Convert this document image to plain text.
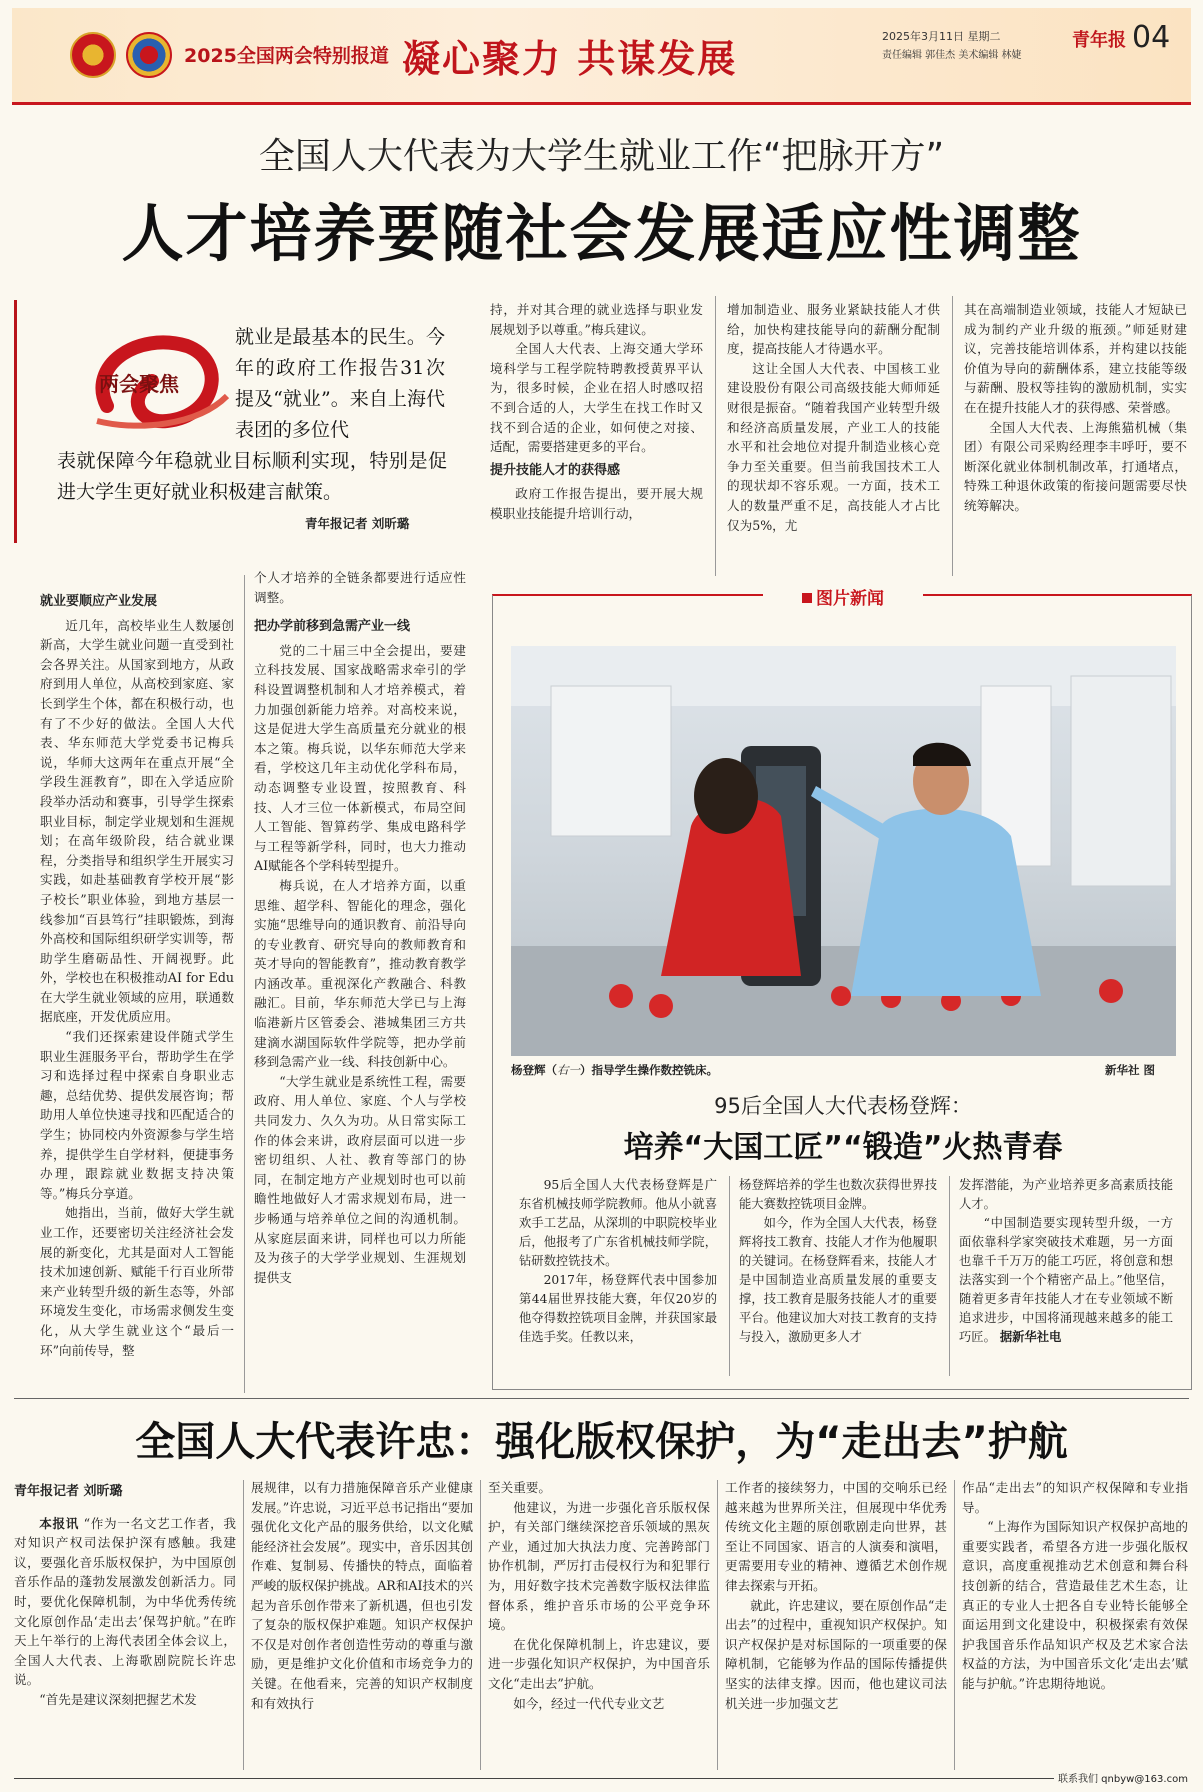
2025全国两会特别报道 凝心聚力 共谋发展	2025年3月11日 星期二
责任编辑 郭佳杰 美术编辑 林婕
青年报 04
全国人大代表为大学生就业工作“把脉开方”
人才培养要随社会发展适应性调整
两会聚焦
就业是最基本的民生。今年的政府工作报告31次提及“就业”。来自上海代表团的多位代
表就保障今年稳就业目标顺利实现，特别是促进大学生更好就业积极建言献策。
青年报记者 刘昕璐

持，并对其合理的就业选择与职业发展规划予以尊重。”梅兵建议。

全国人大代表、上海交通大学环境科学与工程学院特聘教授黄界平认为，很多时候，企业在招人时感叹招不到合适的人，大学生在找工作时又找不到合适的企业，如何使之对接、适配，需要搭建更多的平台。

提升技能人才的获得感

政府工作报告提出，要开展大规模职业技能提升培训行动，

增加制造业、服务业紧缺技能人才供给，加快构建技能导向的薪酬分配制度，提高技能人才待遇水平。

这让全国人大代表、中国核工业建设股份有限公司高级技能大师师延财很是振奋。“随着我国产业转型升级和经济高质量发展，产业工人的技能水平和社会地位对提升制造业核心竞争力至关重要。但当前我国技术工人的现状却不容乐观。一方面，技术工人的数量严重不足，高技能人才占比仅为5%，尤

其在高端制造业领域，技能人才短缺已成为制约产业升级的瓶颈。”师延财建议，完善技能培训体系，并构建以技能价值为导向的薪酬体系，建立技能等级与薪酬、股权等挂钩的激励机制，实实在在提升技能人才的获得感、荣誉感。

全国人大代表、上海熊猫机械（集团）有限公司采购经理李丰呼吁，要不断深化就业体制机制改革，打通堵点，特殊工种退休政策的衔接问题需要尽快统筹解决。

就业要顺应产业发展

近几年，高校毕业生人数屡创新高，大学生就业问题一直受到社会各界关注。从国家到地方，从政府到用人单位，从高校到家庭、家长到学生个体，都在积极行动，也有了不少好的做法。全国人大代表、华东师范大学党委书记梅兵说，华师大这两年在重点开展“全学段生涯教育”，即在入学适应阶段举办活动和赛事，引导学生探索职业目标，制定学业规划和生涯规划；在高年级阶段，结合就业课程，分类指导和组织学生开展实习实践，如赴基础教育学校开展“影子校长”职业体验，到地方基层一线参加“百县笃行”挂职锻炼，到海外高校和国际组织研学实训等，帮助学生磨砺品性、开阔视野。此外，学校也在积极推动AI for Edu在大学生就业领域的应用，联通数据底座，开发优质应用。

“我们还探索建设伴随式学生职业生涯服务平台，帮助学生在学习和选择过程中探索自身职业志趣，总结优势、提供发展咨询；帮助用人单位快速寻找和匹配适合的学生；协同校内外资源参与学生培养，提供学生自学材料，便捷事务办理，跟踪就业数据支持决策等。”梅兵分享道。

她指出，当前，做好大学生就业工作，还要密切关注经济社会发展的新变化，尤其是面对人工智能技术加速创新、赋能千行百业所带来产业转型升级的新生态等，外部环境发生变化，市场需求侧发生变化，从大学生就业这个“最后一环”向前传导，整

个人才培养的全链条都要进行适应性调整。

把办学前移到急需产业一线

党的二十届三中全会提出，要建立科技发展、国家战略需求牵引的学科设置调整机制和人才培养模式，着力加强创新能力培养。对高校来说，这是促进大学生高质量充分就业的根本之策。梅兵说，以华东师范大学来看，学校这几年主动优化学科布局，动态调整专业设置，按照教育、科技、人才三位一体新模式，布局空间人工智能、智算药学、集成电路科学与工程等新学科，同时，也大力推动AI赋能各个学科转型提升。

梅兵说，在人才培养方面，以重思维、超学科、智能化的理念，强化实施“思维导向的通识教育、前沿导向的专业教育、研究导向的教师教育和英才导向的智能教育”，推动教育教学内涵改革。重视深化产教融合、科教融汇。目前，华东师范大学已与上海临港新片区管委会、港城集团三方共建滴水湖国际软件学院等，把办学前移到急需产业一线、科技创新中心。

“大学生就业是系统性工程，需要政府、用人单位、家庭、个人与学校共同发力、久久为功。从日常实际工作的体会来讲，政府层面可以进一步密切组织、人社、教育等部门的协同，在制定地方产业规划时也可以前瞻性地做好人才需求规划布局，进一步畅通与培养单位之间的沟通机制。从家庭层面来讲，同样也可以力所能及为孩子的大学学业规划、生涯规划提供支

图片新闻
杨登辉（右一）指导学生操作数控铣床。	新华社 图
95后全国人大代表杨登辉：
培养“大国工匠”“锻造”火热青春

95后全国人大代表杨登辉是广东省机械技师学院教师。他从小就喜欢手工艺品，从深圳的中职院校毕业后，他报考了广东省机械技师学院，钻研数控铣技术。

2017年，杨登辉代表中国参加第44届世界技能大赛，年仅20岁的他夺得数控铣项目金牌，并获国家最佳选手奖。任教以来，

杨登辉培养的学生也数次获得世界技能大赛数控铣项目金牌。

如今，作为全国人大代表，杨登辉将技工教育、技能人才作为他履职的关键词。在杨登辉看来，技能人才是中国制造业高质量发展的重要支撑，技工教育是服务技能人才的重要平台。他建议加大对技工教育的支持与投入，激励更多人才

发挥潜能，为产业培养更多高素质技能人才。

“中国制造要实现转型升级，一方面依靠科学家突破技术难题，另一方面也靠千千万万的能工巧匠，将创意和想法落实到一个个精密产品上。”他坚信，随着更多青年技能人才在专业领域不断追求进步，中国将涌现越来越多的能工巧匠。 据新华社电

全国人大代表许忠：强化版权保护，为“走出去”护航

青年报记者 刘昕璐

本报讯 “作为一名文艺工作者，我对知识产权司法保护深有感触。我建议，要强化音乐版权保护，为中国原创音乐作品的蓬勃发展激发创新活力。同时，要优化保障机制，为中华优秀传统文化原创作品‘走出去’保驾护航。”在昨天上午举行的上海代表团全体会议上，全国人大代表、上海歌剧院院长许忠说。

“首先是建议深刻把握艺术发

展规律，以有力措施保障音乐产业健康发展。”许忠说，习近平总书记指出“要加强优化文化产品的服务供给，以文化赋能经济社会发展”。现实中，音乐因其创作难、复制易、传播快的特点，面临着严峻的版权保护挑战。AR和AI技术的兴起为音乐创作带来了新机遇，但也引发了复杂的版权保护难题。知识产权保护不仅是对创作者创造性劳动的尊重与激励，更是维护文化价值和市场竞争力的关键。在他看来，完善的知识产权制度和有效执行

至关重要。

他建议，为进一步强化音乐版权保护，有关部门继续深挖音乐领域的黑灰产业，通过加大执法力度、完善跨部门协作机制，严厉打击侵权行为和犯罪行为，用好数字技术完善数字版权法律监督体系，维护音乐市场的公平竞争环境。

在优化保障机制上，许忠建议，要进一步强化知识产权保护，为中国音乐文化“走出去”护航。

如今，经过一代代专业文艺

工作者的接续努力，中国的交响乐已经越来越为世界所关注，但展现中华优秀传统文化主题的原创歌剧走向世界，甚至让不同国家、语言的人演奏和演唱，更需要用专业的精神、遵循艺术创作规律去探索与开拓。

就此，许忠建议，要在原创作品“走出去”的过程中，重视知识产权保护。知识产权保护是对标国际的一项重要的保障机制，它能够为作品的国际传播提供坚实的法律支撑。因而，他也建议司法机关进一步加强文艺

作品“走出去”的知识产权保障和专业指导。

“上海作为国际知识产权保护高地的重要实践者，希望各方进一步强化版权意识，高度重视推动艺术创意和舞台科技创新的结合，营造最佳艺术生态，让真正的专业人士把各自专业特长能够全面运用到文化建设中，积极探索有效保护我国音乐作品知识产权及艺术家合法权益的方法，为中国音乐文化‘走出去’赋能与护航。”许忠期待地说。

联系我们 qnbyw@163.com
